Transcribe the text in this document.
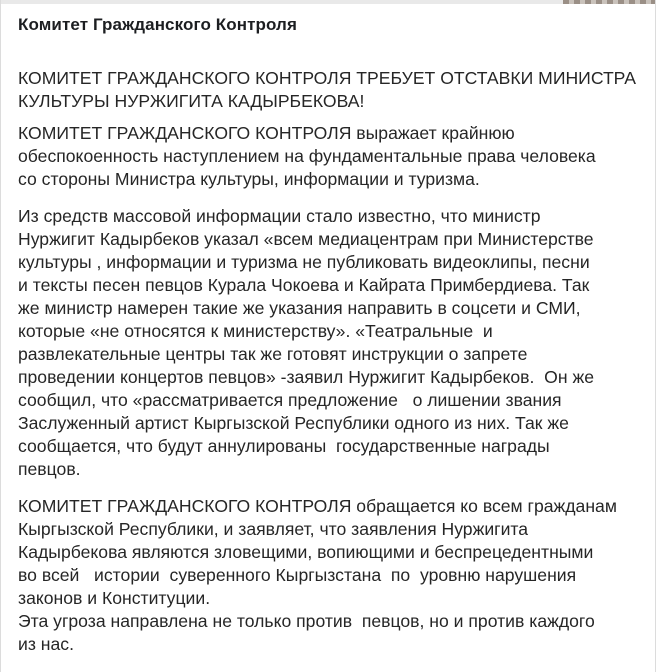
Комитет Гражданского Контроля

КОМИТЕТ ГРАЖДАНСКОГО КОНТРОЛЯ ТРЕБУЕТ ОТСТАВКИ МИНИСТРА
КУЛЬТУРЫ НУРЖИГИТА КАДЫРБЕКОВА!

КОМИТЕТ ГРАЖДАНСКОГО КОНТРОЛЯ выражает крайнюю
обеспокоенность наступлением на фундаментальные права человека
со стороны Министра культуры, информации и туризма.

Из средств массовой информации стало известно, что министр
Нуржигит Кадырбеков указал «всем медиацентрам при Министерстве
культуры , информации и туризма не публиковать видеоклипы, песни
и тексты песен певцов Курала Чокоева и Кайрата Примбердиева. Так
же министр намерен такие же указания направить в соцсети и СМИ,
которые «не относятся к министерству». «Театральные  и
развлекательные центры так же готовят инструкции о запрете
проведении концертов певцов» -заявил Нуржигит Кадырбеков.  Он же
сообщил, что «рассматривается предложение   о лишении звания
Заслуженный артист Кыргызской Республики одного из них. Так же
сообщается, что будут аннулированы  государственные награды
певцов.

КОМИТЕТ ГРАЖДАНСКОГО КОНТРОЛЯ обращается ко всем гражданам
Кыргызской Республики, и заявляет, что заявления Нуржигита
Кадырбекова являются зловещими, вопиющими и беспрецедентными
во всей   истории  суверенного Кыргызстана  по  уровню нарушения
законов и Конституции.

Эта угроза направлена не только против  певцов, но и против каждого
из нас.
